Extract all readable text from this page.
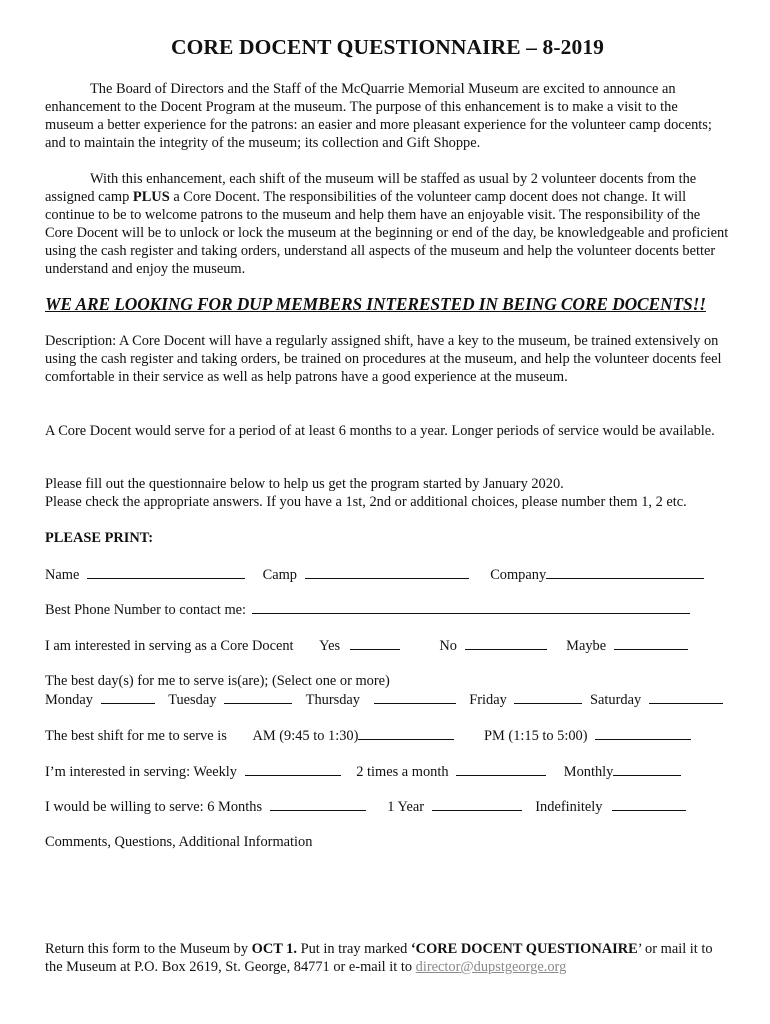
CORE DOCENT QUESTIONNAIRE – 8-2019

The Board of Directors and the Staff of the McQuarrie Memorial Museum are excited to announce an enhancement to the Docent Program at the museum. The purpose of this enhancement is to make a visit to the museum a better experience for the patrons: an easier and more pleasant experience for the volunteer camp docents; and to maintain the integrity of the museum; its collection and Gift Shoppe.

With this enhancement, each shift of the museum will be staffed as usual by 2 volunteer docents from the assigned camp PLUS a Core Docent. The responsibilities of the volunteer camp docent does not change. It will continue to be to welcome patrons to the museum and help them have an enjoyable visit. The responsibility of the Core Docent will be to unlock or lock the museum at the beginning or end of the day, be knowledgeable and proficient using the cash register and taking orders, understand all aspects of the museum and help the volunteer docents better understand and enjoy the museum.

WE ARE LOOKING FOR DUP MEMBERS INTERESTED IN BEING CORE DOCENTS!!

Description: A Core Docent will have a regularly assigned shift, have a key to the museum, be trained extensively on using the cash register and taking orders, be trained on procedures at the museum, and help the volunteer docents feel comfortable in their service as well as help patrons have a good experience at the museum.

A Core Docent would serve for a period of at least 6 months to a year. Longer periods of service would be available.

Please fill out the questionnaire below to help us get the program started by January 2020.
Please check the appropriate answers. If you have a 1st, 2nd or additional choices, please number them 1, 2 etc.
PLEASE PRINT:
Name	Camp	Company
Best Phone Number to contact me:
I am interested in serving as a Core Docent Yes	No	Maybe
The best day(s) for me to serve is(are); (Select one or more)
Monday	Tuesday	Thursday	Friday	Saturday
The best shift for me to serve is AM (9:45 to 1:30)	PM (1:15 to 5:00)
I’m interested in serving: Weekly	2 times a month	Monthly
I would be willing to serve: 6 Months	1 Year	Indefinitely
Comments, Questions, Additional Information

Return this form to the Museum by OCT 1. Put in tray marked ‘CORE DOCENT QUESTIONAIRE’ or mail it to the Museum at P.O. Box 2619, St. George, 84771 or e-mail it to director@dupstgeorge.org
